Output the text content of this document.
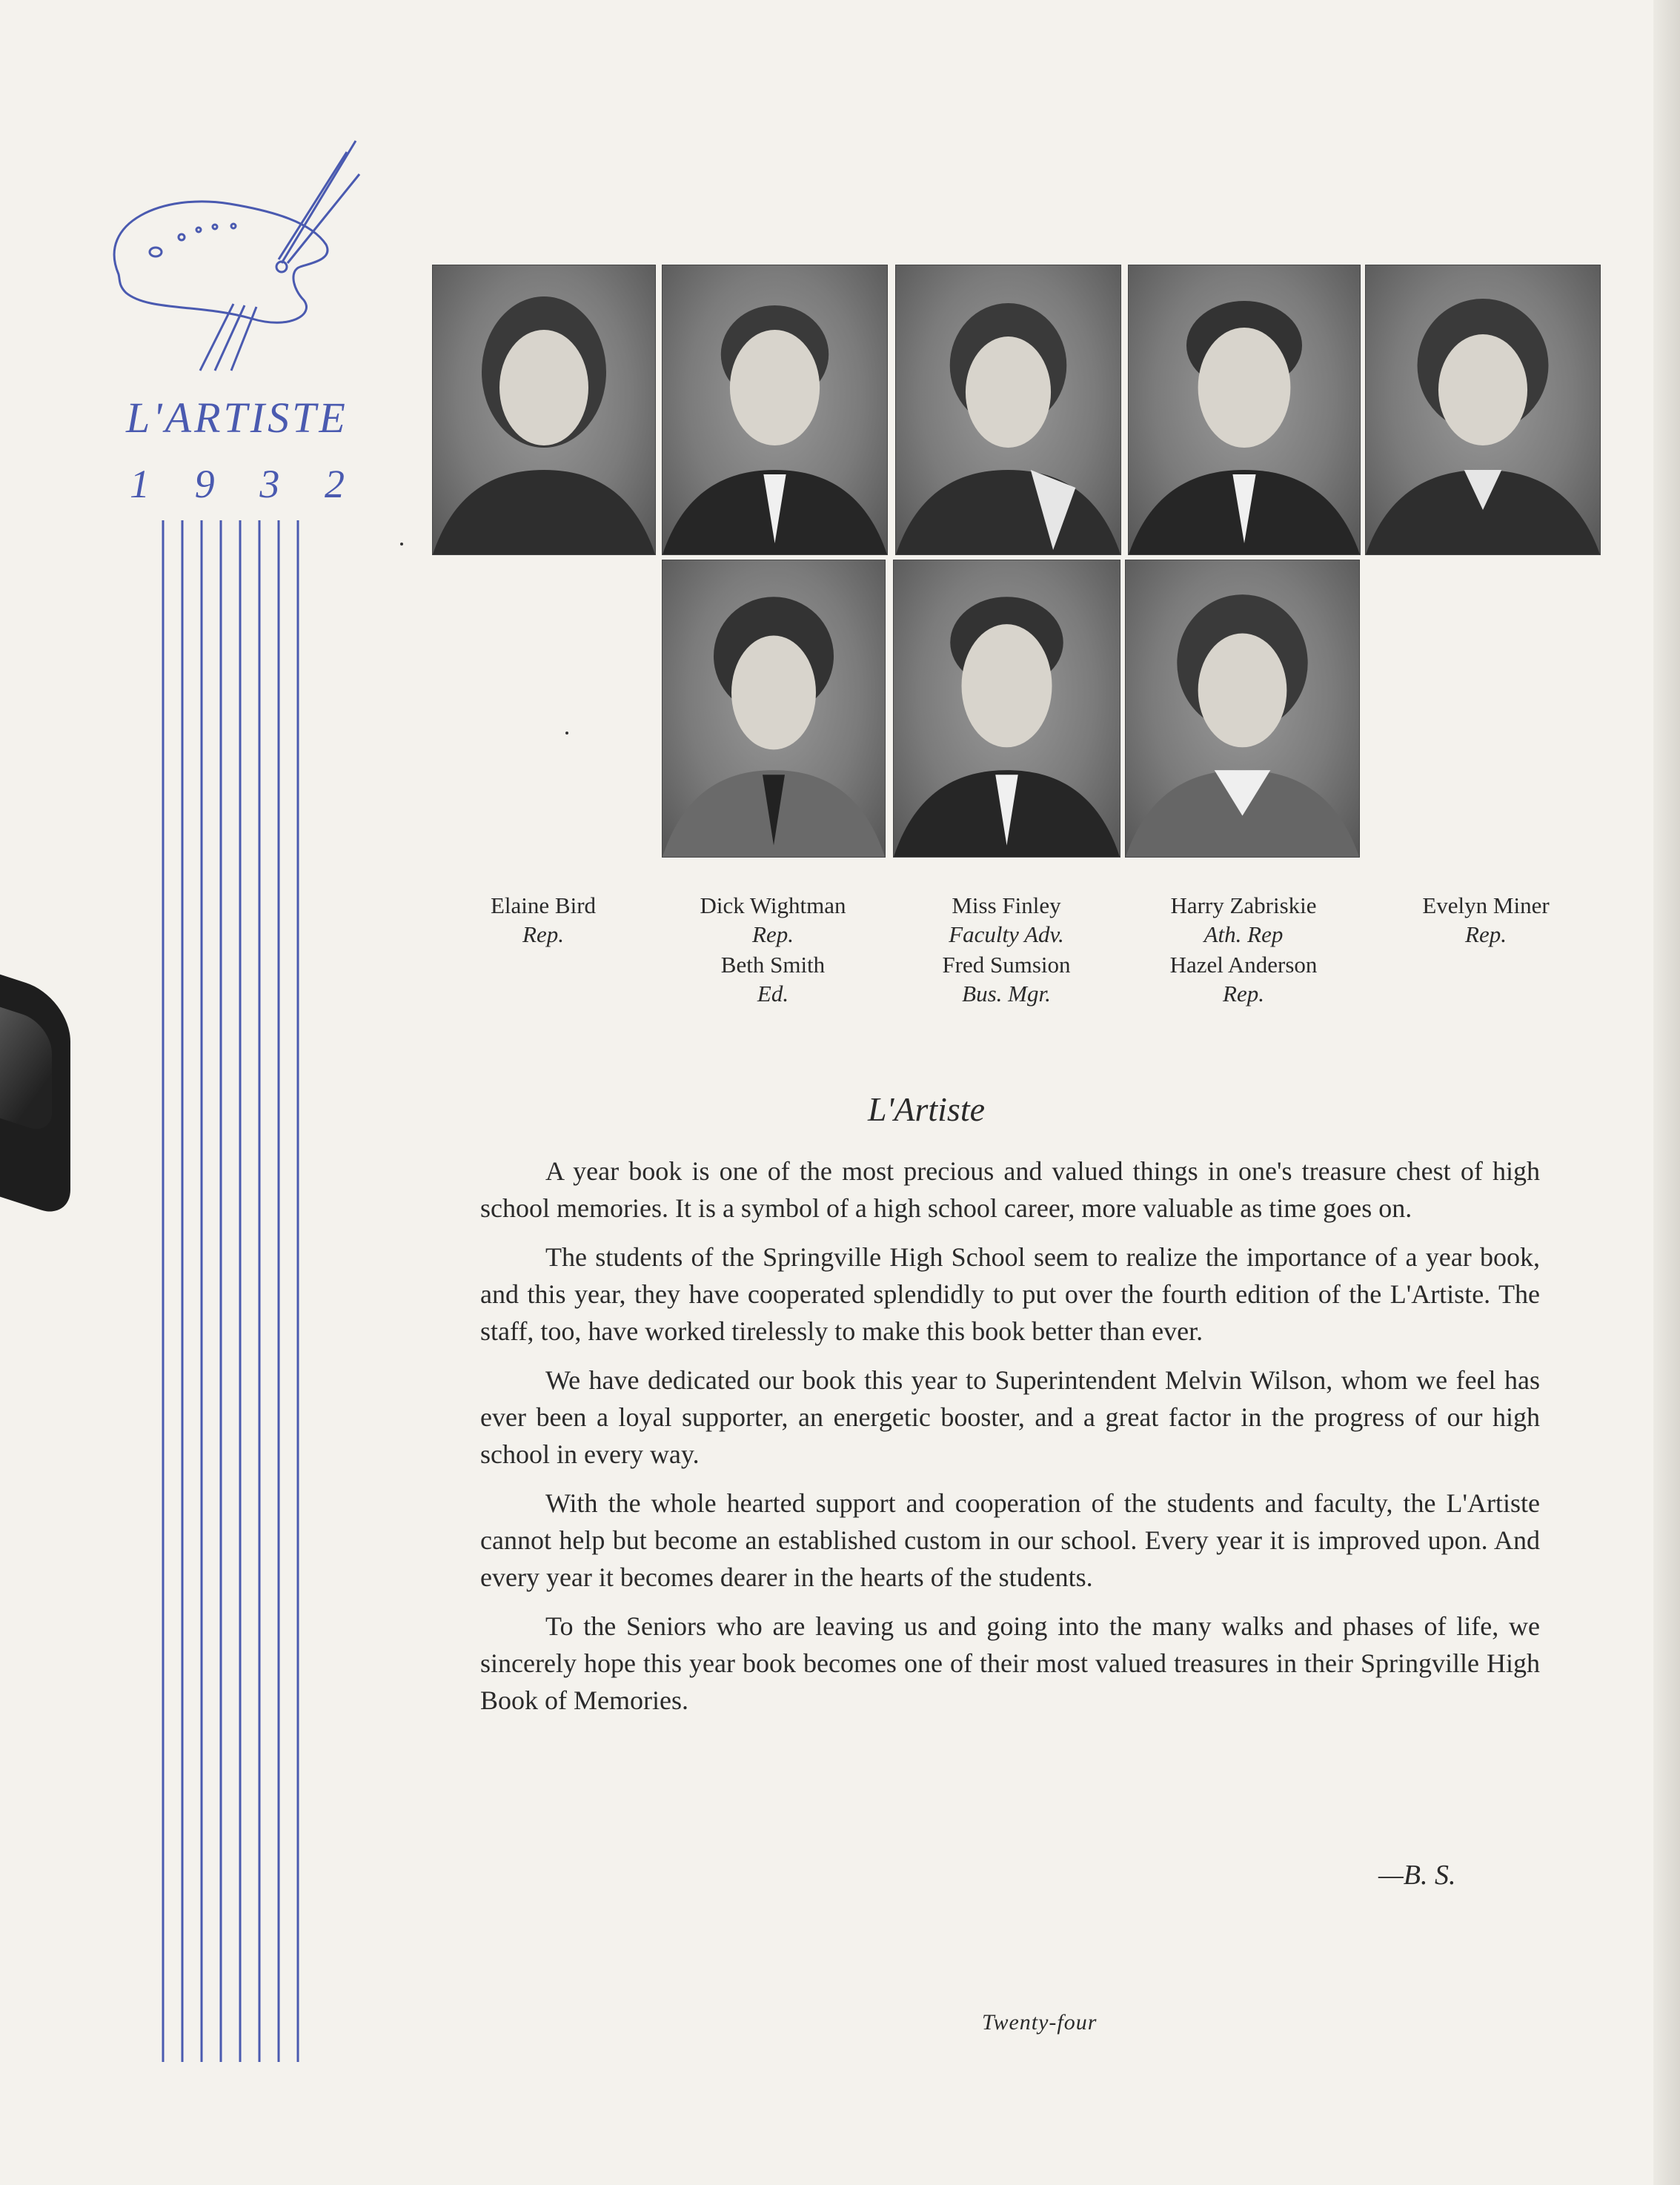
L'ARTISTE
1 9 3 2
Elaine Bird
Rep.
Dick Wightman
Rep.
Miss Finley
Faculty Adv.
Harry Zabriskie
Ath. Rep
Evelyn Miner
Rep.
Beth Smith
Ed.
Fred Sumsion
Bus. Mgr.
Hazel Anderson
Rep.
L'Artiste

A year book is one of the most precious and valued things in one's treasure chest of high school memories. It is a symbol of a high school career, more valuable as time goes on.

The students of the Springville High School seem to realize the importance of a year book, and this year, they have cooperated splendidly to put over the fourth edition of the L'Artiste. The staff, too, have worked tirelessly to make this book better than ever.

We have dedicated our book this year to Superintendent Melvin Wilson, whom we feel has ever been a loyal supporter, an energetic booster, and a great factor in the progress of our high school in every way.

With the whole hearted support and cooperation of the students and faculty, the L'Artiste cannot help but become an established custom in our school. Every year it is improved upon. And every year it becomes dearer in the hearts of the students.

To the Seniors who are leaving us and going into the many walks and phases of life, we sincerely hope this year book becomes one of their most valued treasures in their Springville High Book of Memories.

—B. S.
Twenty-four
